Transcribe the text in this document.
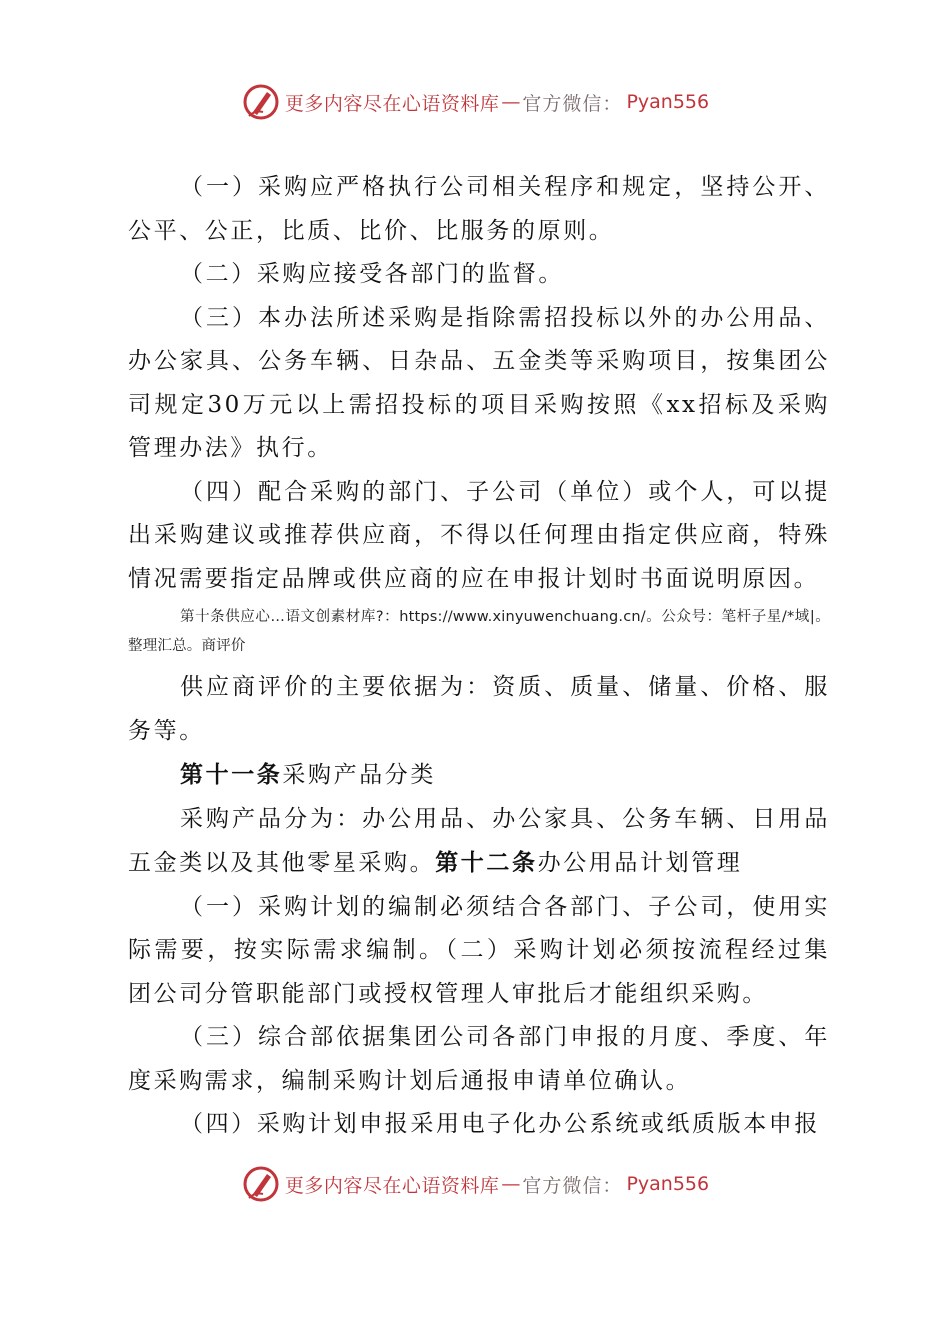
更多内容尽在心语资料库 — 官方微信： Pyan556

（一）采购应严格执行公司相关程序和规定，坚持公开、公平、公正，比质、比价、比服务的原则。

（二）采购应接受各部门的监督。

（三）本办法所述采购是指除需招投标以外的办公用品、办公家具、公务车辆、日杂品、五金类等采购项目，按集团公司规定30万元以上需招投标的项目采购按照《xx招标及采购管理办法》执行。

（四）配合采购的部门、子公司（单位）或个人，可以提出采购建议或推荐供应商，不得以任何理由指定供应商，特殊情况需要指定品牌或供应商的应在申报计划时书面说明原因。

第十条供应心…语文创素材库?：https://www.xinyuwenchuang.cn/。公众号：笔杆子星/*域|。整理汇总。商评价

供应商评价的主要依据为：资质、质量、储量、价格、服务等。

第十一条采购产品分类

采购产品分为：办公用品、办公家具、公务车辆、日用品五金类以及其他零星采购。第十二条办公用品计划管理

（一）采购计划的编制必须结合各部门、子公司，使用实际需要，按实际需求编制。（二）采购计划必须按流程经过集团公司分管职能部门或授权管理人审批后才能组织采购。

（三）综合部依据集团公司各部门申报的月度、季度、年度采购需求，编制采购计划后通报申请单位确认。

（四）采购计划申报采用电子化办公系统或纸质版本申报

更多内容尽在心语资料库 — 官方微信： Pyan556
